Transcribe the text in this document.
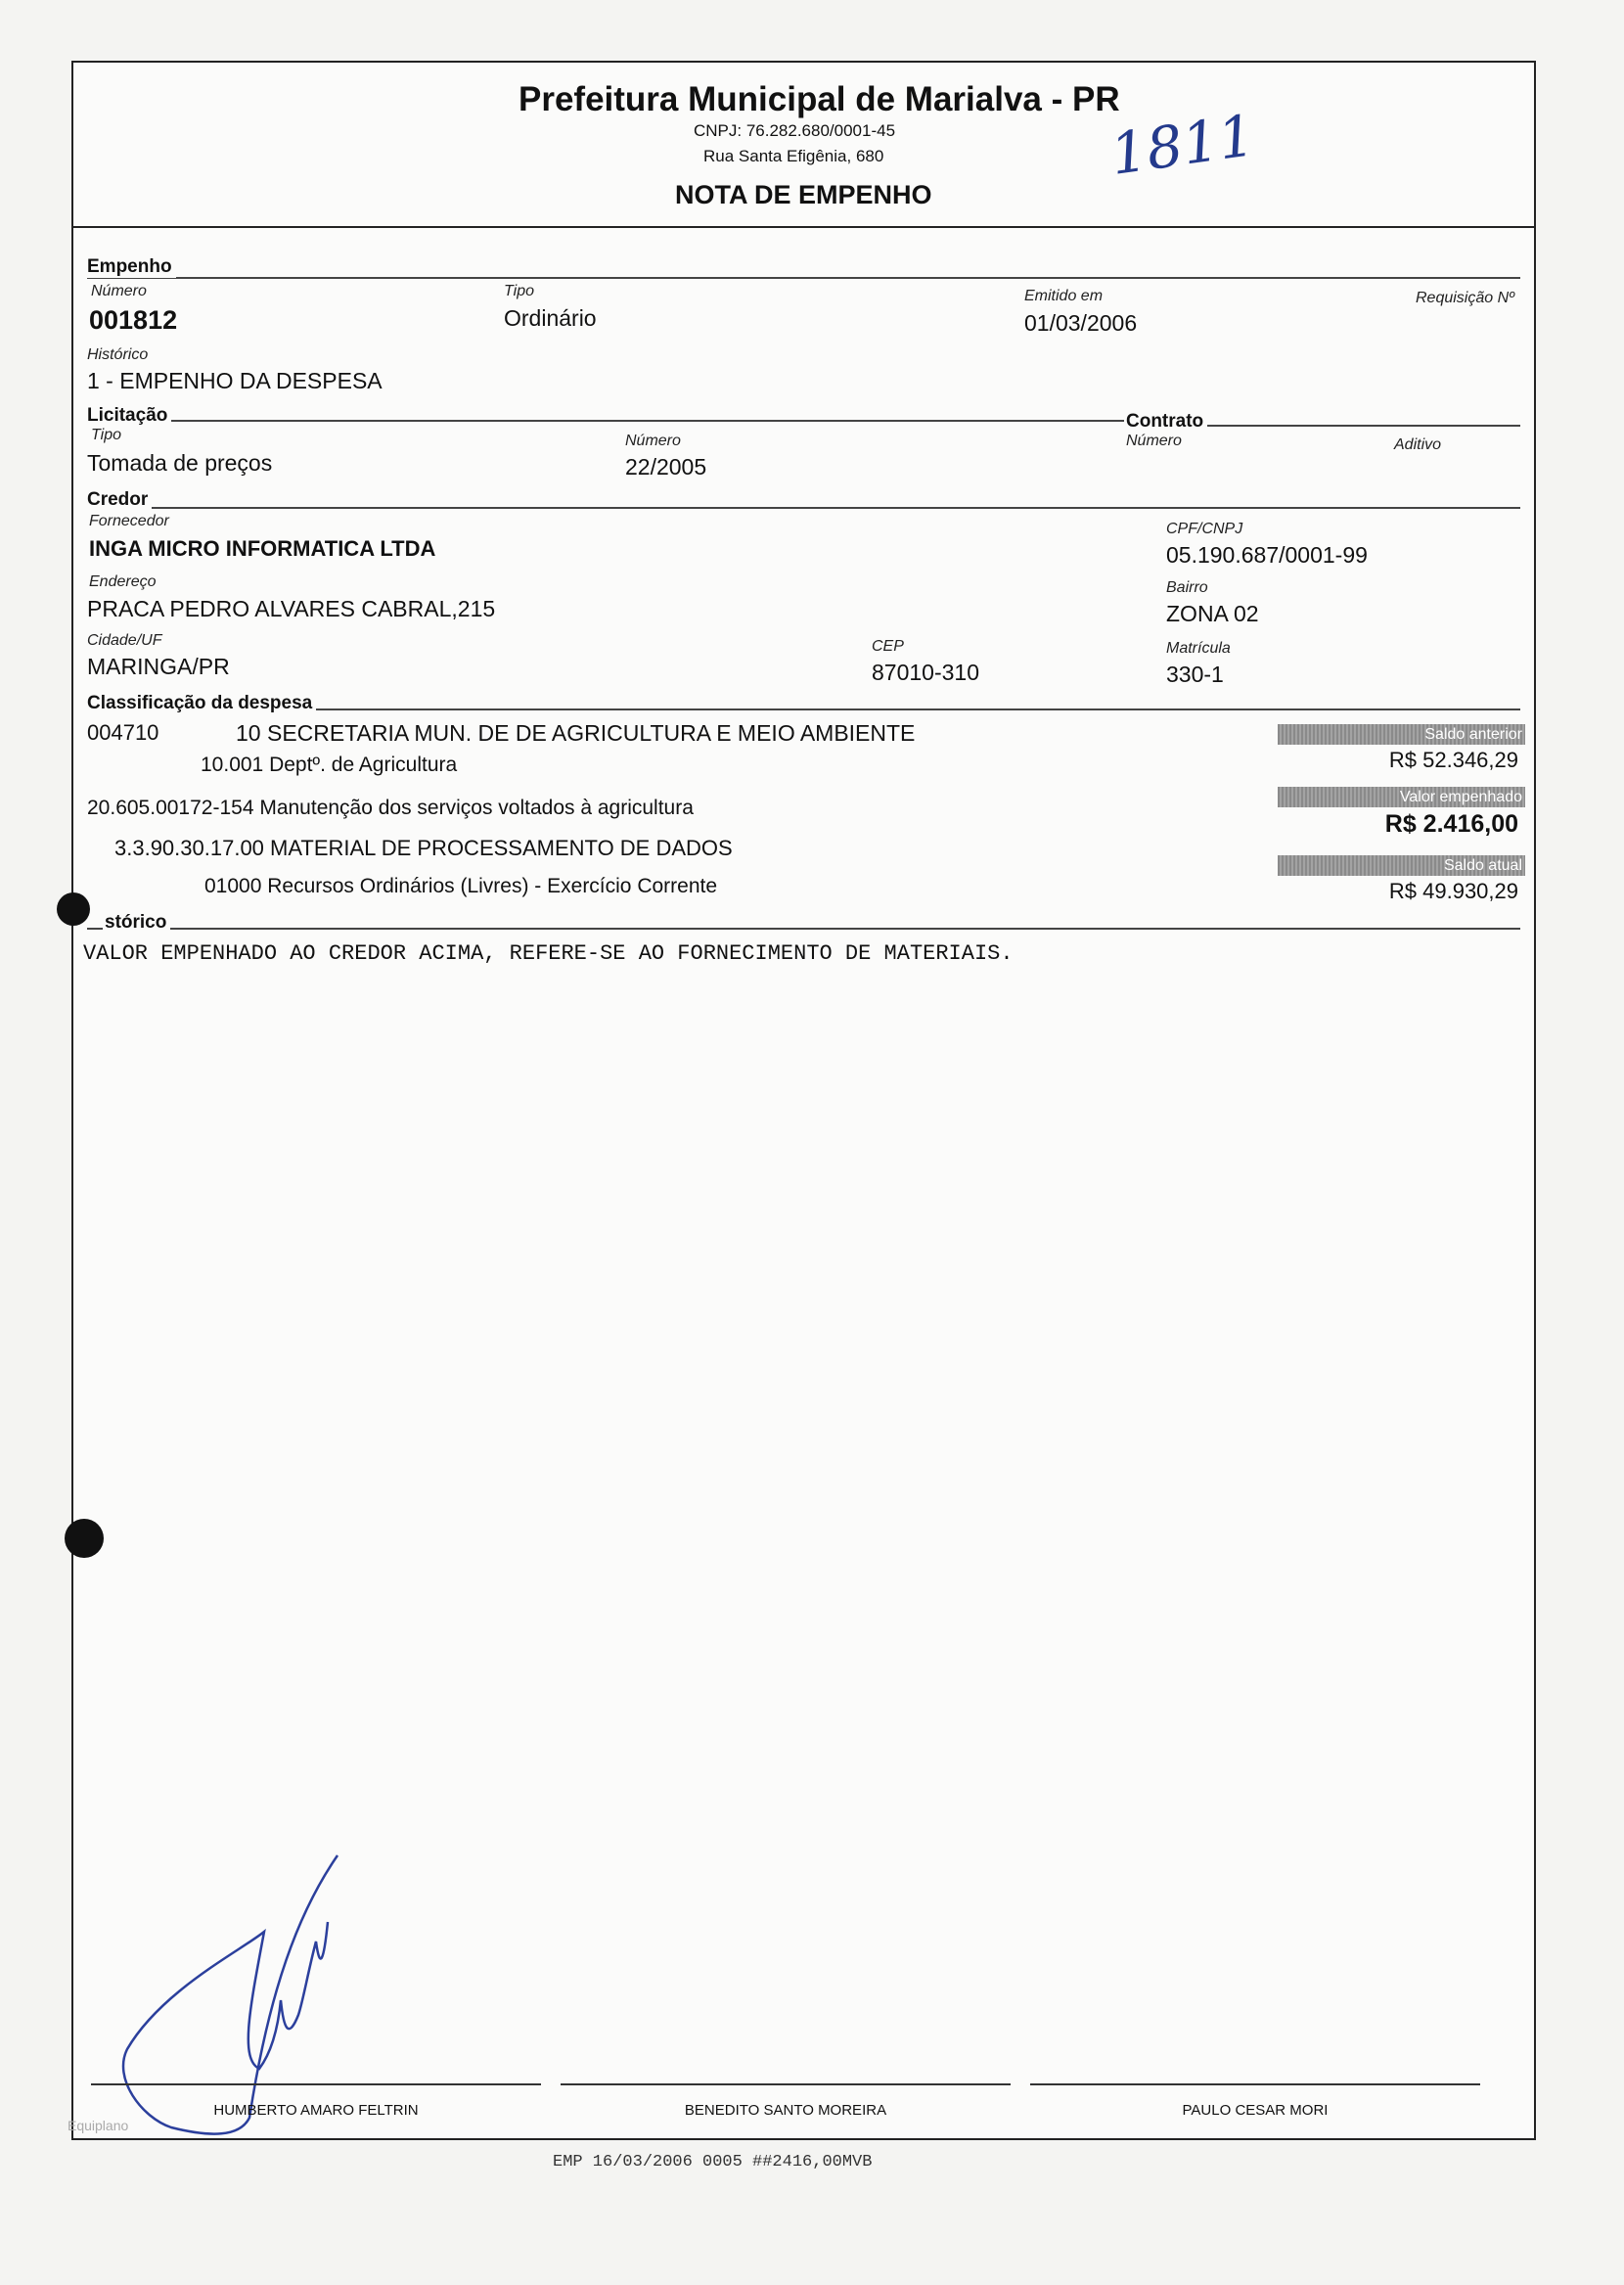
Prefeitura Municipal de Marialva - PR
CNPJ: 76.282.680/0001-45
Rua Santa Efigênia, 680
NOTA DE EMPENHO
1811
Empenho
Número
001812
Tipo
Ordinário
Emitido em
01/03/2006
Requisição Nº
Histórico
1 - EMPENHO DA DESPESA
Licitação	Contrato
Tipo
Tomada de preços
Número
22/2005
Número	Aditivo
Credor
Fornecedor
INGA MICRO INFORMATICA LTDA
CPF/CNPJ
05.190.687/0001-99
Endereço
PRACA PEDRO ALVARES CABRAL,215
Bairro
ZONA 02
Cidade/UF
MARINGA/PR
CEP
87010-310
Matrícula
330-1
Classificação da despesa
004710	10 SECRETARIA MUN. DE DE AGRICULTURA E MEIO AMBIENTE
10.001 Deptº. de Agricultura
20.605.00172-154 Manutenção dos serviços voltados à agricultura
3.3.90.30.17.00 MATERIAL DE PROCESSAMENTO DE DADOS
01000 Recursos Ordinários (Livres) - Exercício Corrente
Saldo anterior
R$ 52.346,29
Valor empenhado
R$ 2.416,00
Saldo atual
R$ 49.930,29
stórico
VALOR EMPENHADO AO CREDOR ACIMA, REFERE-SE AO FORNECIMENTO DE MATERIAIS.
HUMBERTO AMARO FELTRIN	BENEDITO SANTO MOREIRA	PAULO CESAR MORI
Equiplano
EMP 16/03/2006 0005 ##2416,00MVB
